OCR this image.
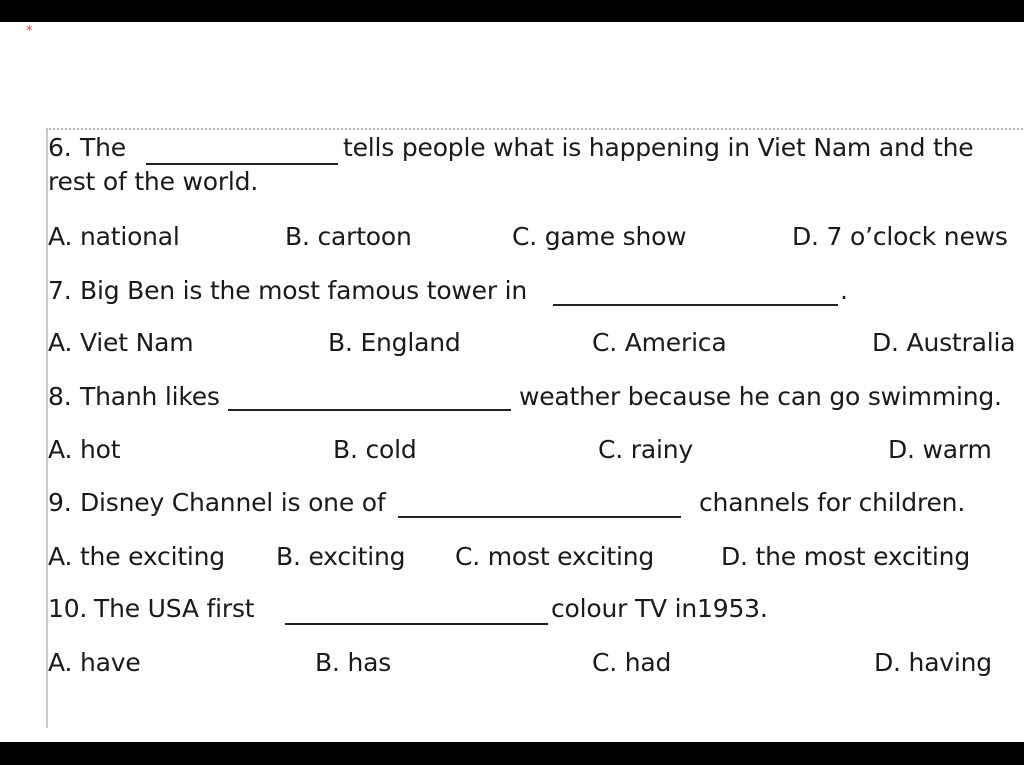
*
6. The	tells people what is happening in Viet Nam and the
rest of the world.
A. national	B. cartoon	C. game show	D. 7 o’clock news
7. Big Ben is the most famous tower in	.
A. Viet Nam	B. England	C. America	D. Australia
8. Thanh likes	weather because he can go swimming.
A. hot	B. cold	C. rainy	D. warm
9. Disney Channel is one of	channels for children.
A. the exciting B. exciting C. most exciting	D. the most exciting
10. The USA first	colour TV in1953.
A. have	B. has	C. had	D. having
